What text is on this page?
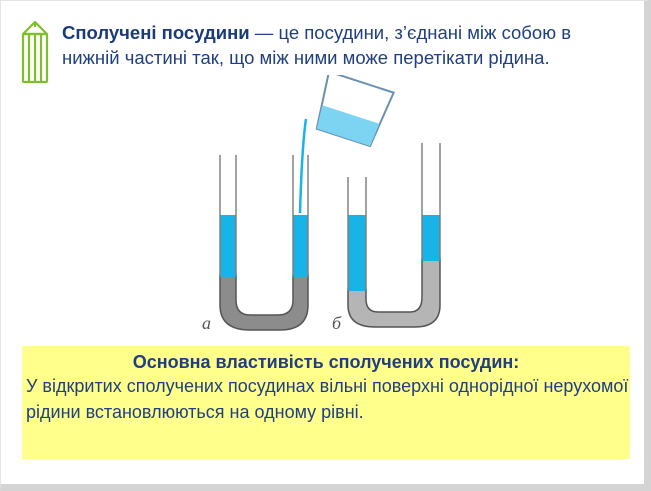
Сполучені посудини — це посудини, з’єднані між собою в нижній частині так, що між ними може перетікати рідина.
а	б
Основна властивість сполучених посудин:
У відкритих сполучених посудинах вільні поверхні однорідної нерухомої рідини встановлюються на одному рівні.
